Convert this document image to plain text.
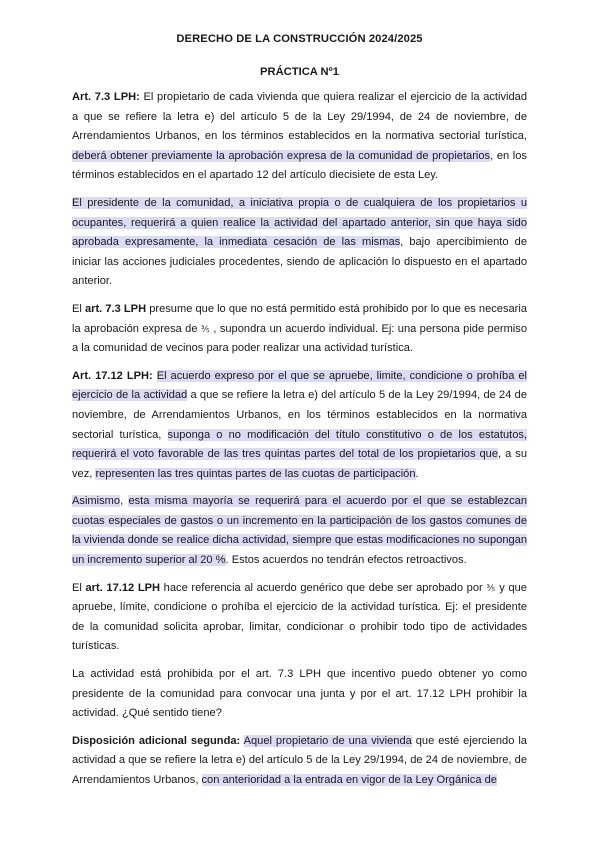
DERECHO DE LA CONSTRUCCIÓN 2024/2025
PRÁCTICA Nº1

Art. 7.3 LPH: El propietario de cada vivienda que quiera realizar el ejercicio de la actividad a que se refiere la letra e) del artículo 5 de la Ley 29/1994, de 24 de noviembre, de Arrendamientos Urbanos, en los términos establecidos en la normativa sectorial turística, deberá obtener previamente la aprobación expresa de la comunidad de propietarios, en los términos establecidos en el apartado 12 del artículo diecisiete de esta Ley.

El presidente de la comunidad, a iniciativa propia o de cualquiera de los propietarios u ocupantes, requerirá a quien realice la actividad del apartado anterior, sin que haya sido aprobada expresamente, la inmediata cesación de las mismas, bajo apercibimiento de iniciar las acciones judiciales procedentes, siendo de aplicación lo dispuesto en el apartado anterior.

El art. 7.3 LPH presume que lo que no está permitido está prohibido por lo que es necesaria la aprobación expresa de ⅗ , supondra un acuerdo individual. Ej: una persona pide permiso a la comunidad de vecinos para poder realizar una actividad turística.

Art. 17.12 LPH: El acuerdo expreso por el que se apruebe, limite, condicione o prohíba el ejercicio de la actividad a que se refiere la letra e) del artículo 5 de la Ley 29/1994, de 24 de noviembre, de Arrendamientos Urbanos, en los términos establecidos en la normativa sectorial turística, suponga o no modificación del título constitutivo o de los estatutos, requerirá el voto favorable de las tres quintas partes del total de los propietarios que, a su vez, representen las tres quintas partes de las cuotas de participación.

Asimismo, esta misma mayoría se requerirá para el acuerdo por el que se establezcan cuotas especiales de gastos o un incremento en la participación de los gastos comunes de la vivienda donde se realice dicha actividad, siempre que estas modificaciones no supongan un incremento superior al 20 %. Estos acuerdos no tendrán efectos retroactivos.

El art. 17.12 LPH hace referencia al acuerdo genérico que debe ser aprobado por ⅗ y que apruebe, límite, condicione o prohíba el ejercicio de la actividad turística. Ej: el presidente de la comunidad solicita aprobar, limitar, condicionar o prohibir todo tipo de actividades turísticas.

La actividad está prohibida por el art. 7.3 LPH que incentivo puedo obtener yo como presidente de la comunidad para convocar una junta y por el art. 17.12 LPH prohibir la actividad. ¿Qué sentido tiene?

Disposición adicional segunda: Aquel propietario de una vivienda que esté ejerciendo la actividad a que se refiere la letra e) del artículo 5 de la Ley 29/1994, de 24 de noviembre, de Arrendamientos Urbanos, con anterioridad a la entrada en vigor de la Ley Orgánica de
